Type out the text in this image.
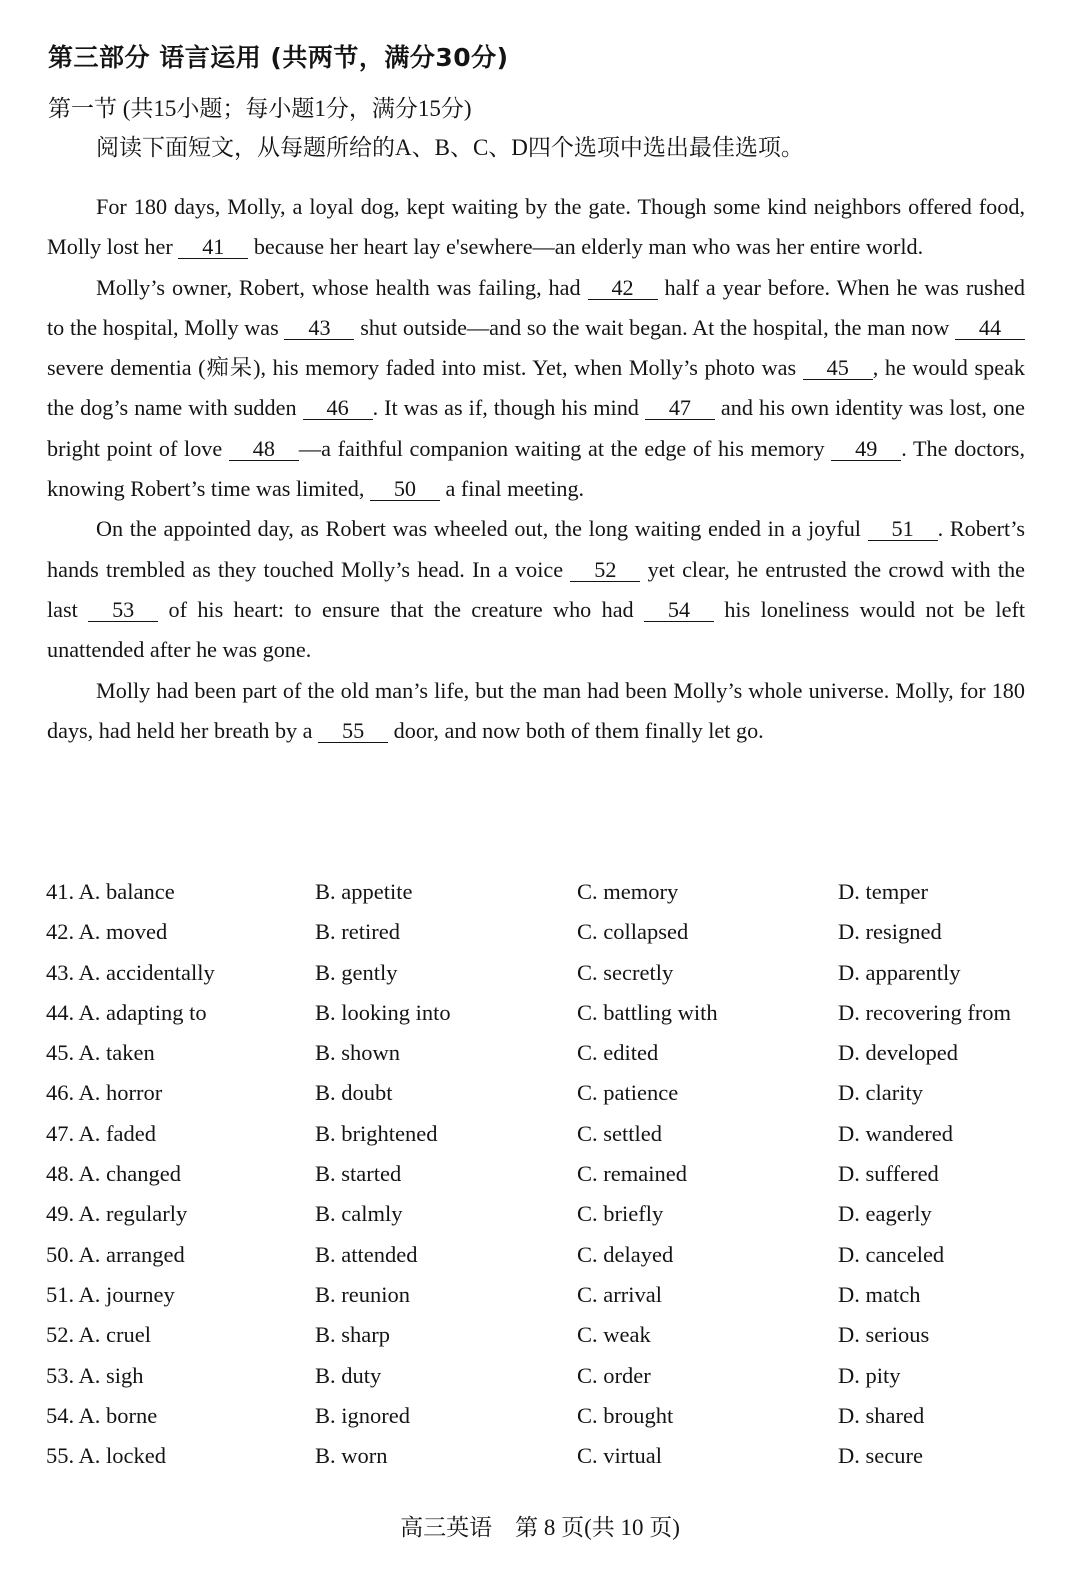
第三部分 语言运用 (共两节，满分30分)
第一节 (共15小题；每小题1分，满分15分)
阅读下面短文，从每题所给的A、B、C、D四个选项中选出最佳选项。

For 180 days, Molly, a loyal dog, kept waiting by the gate. Though some kind neighbors offered food, Molly lost her 41 because her heart lay e'sewhere—an elderly man who was her entire world.

Molly’s owner, Robert, whose health was failing, had 42 half a year before. When he was rushed to the hospital, Molly was 43 shut outside—and so the wait began. At the hospital, the man now 44 severe dementia (痴呆), his memory faded into mist. Yet, when Molly’s photo was 45 , he would speak the dog’s name with sudden 46 . It was as if, though his mind 47 and his own identity was lost, one bright point of love 48 —a faithful companion waiting at the edge of his memory 49 . The doctors, knowing Robert’s time was limited, 50 a final meeting.

On the appointed day, as Robert was wheeled out, the long waiting ended in a joyful 51 . Robert’s hands trembled as they touched Molly’s head. In a voice 52 yet clear, he entrusted the crowd with the last 53 of his heart: to ensure that the creature who had 54 his loneliness would not be left unattended after he was gone.

Molly had been part of the old man’s life, but the man had been Molly’s whole universe. Molly, for 180 days, had held her breath by a 55 door, and now both of them finally let go.

41. A. balance	B. appetite	C. memory	D. temper
42. A. moved	B. retired	C. collapsed	D. resigned
43. A. accidentally	B. gently	C. secretly	D. apparently
44. A. adapting to	B. looking into	C. battling with	D. recovering from
45. A. taken	B. shown	C. edited	D. developed
46. A. horror	B. doubt	C. patience	D. clarity
47. A. faded	B. brightened	C. settled	D. wandered
48. A. changed	B. started	C. remained	D. suffered
49. A. regularly	B. calmly	C. briefly	D. eagerly
50. A. arranged	B. attended	C. delayed	D. canceled
51. A. journey	B. reunion	C. arrival	D. match
52. A. cruel	B. sharp	C. weak	D. serious
53. A. sigh	B. duty	C. order	D. pity
54. A. borne	B. ignored	C. brought	D. shared
55. A. locked	B. worn	C. virtual	D. secure
高三英语　第 8 页(共 10 页)
